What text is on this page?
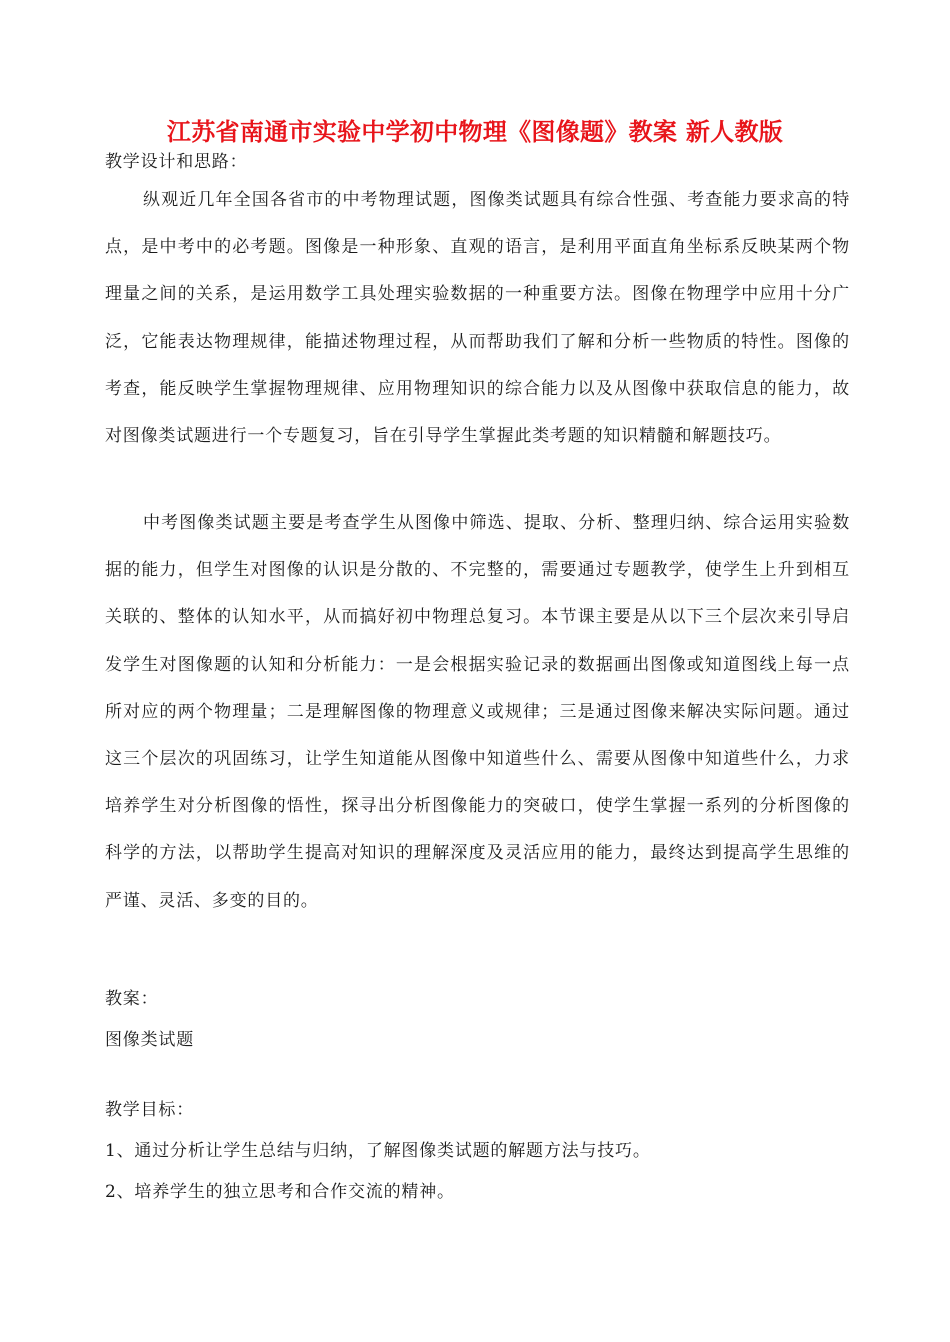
江苏省南通市实验中学初中物理《图像题》教案 新人教版
教学设计和思路：
纵观近几年全国各省市的中考物理试题，图像类试题具有综合性强、考查能力要求高的特点，是中考中的必考题。图像是一种形象、直观的语言，是利用平面直角坐标系反映某两个物理量之间的关系，是运用数学工具处理实验数据的一种重要方法。图像在物理学中应用十分广泛，它能表达物理规律，能描述物理过程，从而帮助我们了解和分析一些物质的特性。图像的考查，能反映学生掌握物理规律、应用物理知识的综合能力以及从图像中获取信息的能力，故对图像类试题进行一个专题复习，旨在引导学生掌握此类考题的知识精髓和解题技巧。
中考图像类试题主要是考查学生从图像中筛选、提取、分析、整理归纳、综合运用实验数据的能力，但学生对图像的认识是分散的、不完整的，需要通过专题教学，使学生上升到相互关联的、整体的认知水平，从而搞好初中物理总复习。本节课主要是从以下三个层次来引导启发学生对图像题的认知和分析能力：一是会根据实验记录的数据画出图像或知道图线上每一点所对应的两个物理量；二是理解图像的物理意义或规律；三是通过图像来解决实际问题。通过这三个层次的巩固练习，让学生知道能从图像中知道些什么、需要从图像中知道些什么，力求培养学生对分析图像的悟性，探寻出分析图像能力的突破口，使学生掌握一系列的分析图像的科学的方法，以帮助学生提高对知识的理解深度及灵活应用的能力，最终达到提高学生思维的严谨、灵活、多变的目的。
教案：
图像类试题
教学目标：
1、通过分析让学生总结与归纳，了解图像类试题的解题方法与技巧。
2、培养学生的独立思考和合作交流的精神。
